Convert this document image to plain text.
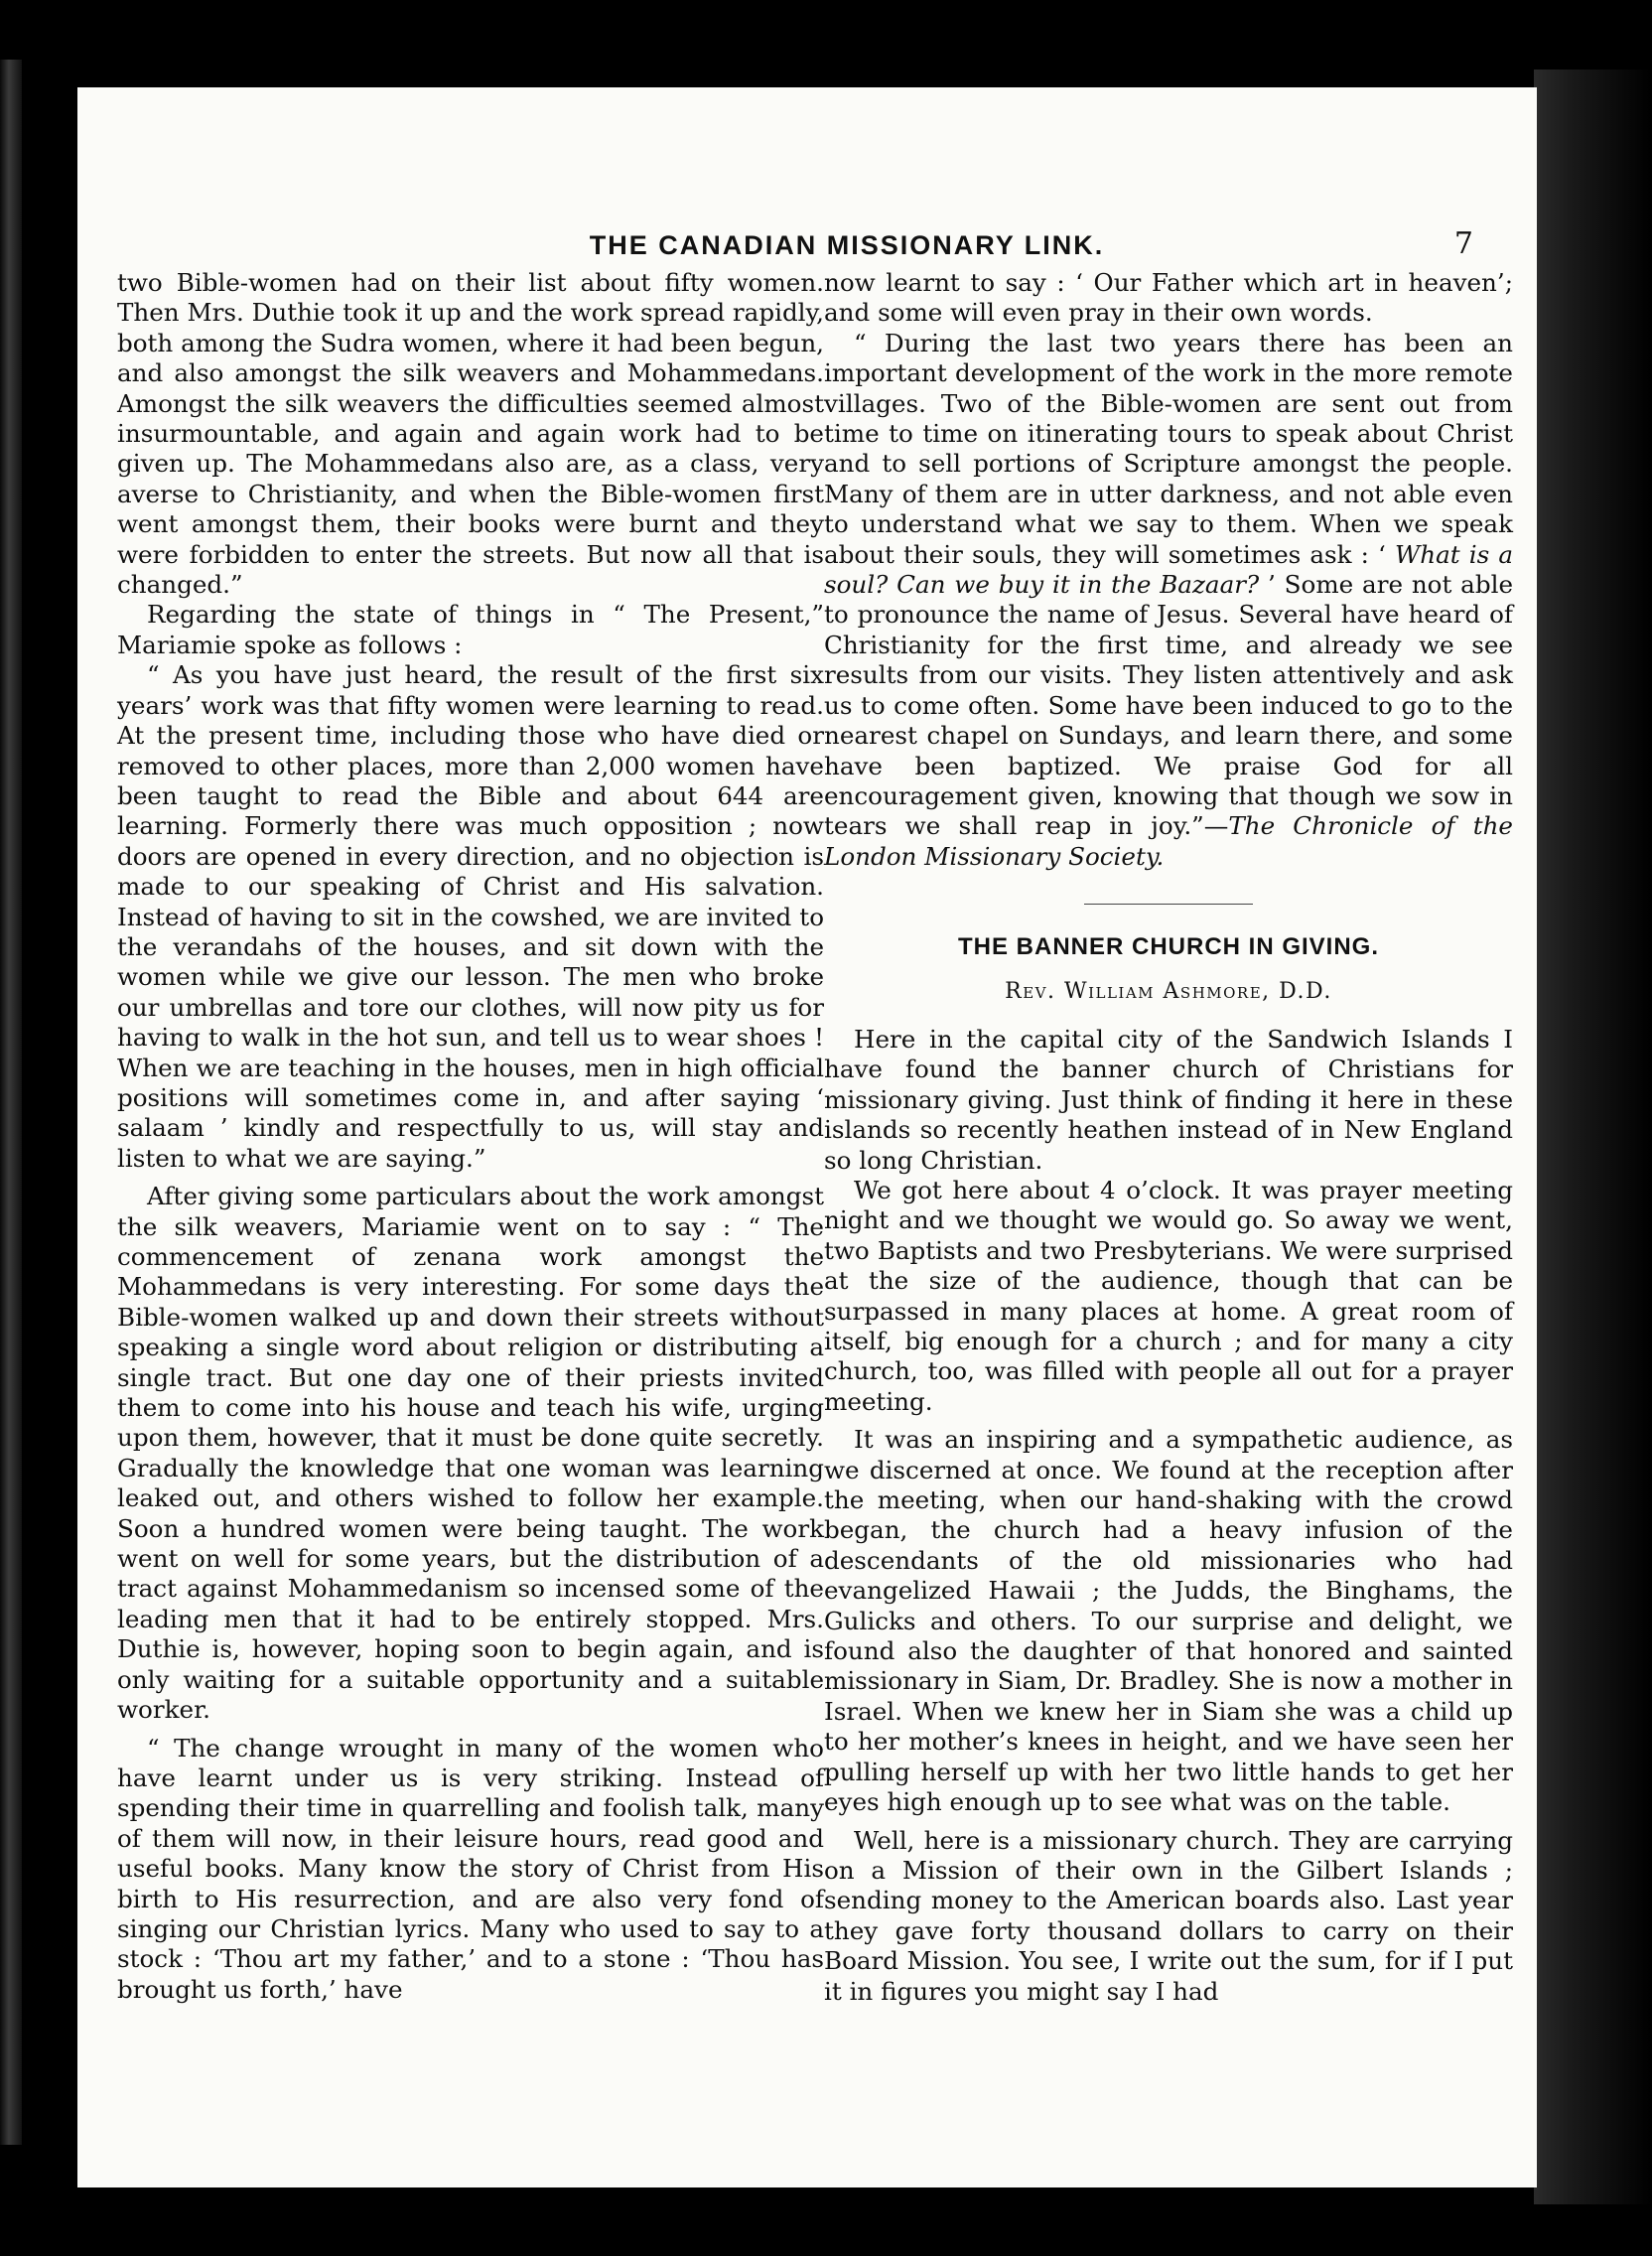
THE CANADIAN MISSIONARY LINK.	7

two Bible-women had on their list about fifty women. Then Mrs. Duthie took it up and the work spread rapidly, both among the Sudra women, where it had been begun, and also amongst the silk weavers and Mohammedans. Amongst the silk weavers the difficulties seemed almost insurmountable, and again and again work had to be given up. The Mohammedans also are, as a class, very averse to Christianity, and when the Bible-women first went amongst them, their books were burnt and they were forbidden to enter the streets. But now all that is changed.”

Regarding the state of things in “ The Present,” Mariamie spoke as follows :

“ As you have just heard, the result of the first six years’ work was that fifty women were learning to read. At the present time, including those who have died or removed to other places, more than 2,000 women have been taught to read the Bible and about 644 are learning. Formerly there was much opposition ; now doors are opened in every direction, and no objection is made to our speaking of Christ and His salvation. Instead of having to sit in the cowshed, we are invited to the verandahs of the houses, and sit down with the women while we give our lesson. The men who broke our umbrellas and tore our clothes, will now pity us for having to walk in the hot sun, and tell us to wear shoes ! When we are teaching in the houses, men in high official positions will sometimes come in, and after saying ‘ salaam ’ kindly and respectfully to us, will stay and listen to what we are saying.”

After giving some particulars about the work amongst the silk weavers, Mariamie went on to say : “ The commencement of zenana work amongst the Mohammedans is very interesting. For some days the Bible-women walked up and down their streets without speaking a single word about religion or distributing a single tract. But one day one of their priests invited them to come into his house and teach his wife, urging upon them, however, that it must be done quite secretly. Gradually the knowledge that one woman was learning leaked out, and others wished to follow her example. Soon a hundred women were being taught. The work went on well for some years, but the distribution of a tract against Mohammedanism so incensed some of the leading men that it had to be entirely stopped. Mrs. Duthie is, however, hoping soon to begin again, and is only waiting for a suitable opportunity and a suitable worker.

“ The change wrought in many of the women who have learnt under us is very striking. Instead of spending their time in quarrelling and foolish talk, many of them will now, in their leisure hours, read good and useful books. Many know the story of Christ from His birth to His resurrection, and are also very fond of singing our Christian lyrics. Many who used to say to a stock : ‘Thou art my father,’ and to a stone : ‘Thou has brought us forth,’ have

now learnt to say : ‘ Our Father which art in heaven’; and some will even pray in their own words.

“ During the last two years there has been an important development of the work in the more remote villages. Two of the Bible-women are sent out from time to time on itinerating tours to speak about Christ and to sell portions of Scripture amongst the people. Many of them are in utter darkness, and not able even to understand what we say to them. When we speak about their souls, they will sometimes ask : ‘ What is a soul? Can we buy it in the Bazaar? ’ Some are not able to pronounce the name of Jesus. Several have heard of Christianity for the first time, and already we see results from our visits. They listen attentively and ask us to come often. Some have been induced to go to the nearest chapel on Sundays, and learn there, and some have been baptized. We praise God for all encouragement given, knowing that though we sow in tears we shall reap in joy.”—The Chronicle of the London Missionary Society.

THE BANNER CHURCH IN GIVING.
Rev. William Ashmore, D.D.

Here in the capital city of the Sandwich Islands I have found the banner church of Christians for missionary giving. Just think of finding it here in these islands so recently heathen instead of in New England so long Christian.

We got here about 4 o’clock. It was prayer meeting night and we thought we would go. So away we went, two Baptists and two Presbyterians. We were surprised at the size of the audience, though that can be surpassed in many places at home. A great room of itself, big enough for a church ; and for many a city church, too, was filled with people all out for a prayer meeting.

It was an inspiring and a sympathetic audience, as we discerned at once. We found at the reception after the meeting, when our hand-shaking with the crowd began, the church had a heavy infusion of the descendants of the old missionaries who had evangelized Hawaii ; the Judds, the Binghams, the Gulicks and others. To our surprise and delight, we found also the daughter of that honored and sainted missionary in Siam, Dr. Bradley. She is now a mother in Israel. When we knew her in Siam she was a child up to her mother’s knees in height, and we have seen her pulling herself up with her two little hands to get her eyes high enough up to see what was on the table.

Well, here is a missionary church. They are carrying on a Mission of their own in the Gilbert Islands ; sending money to the American boards also. Last year they gave forty thousand dollars to carry on their Board Mission. You see, I write out the sum, for if I put it in figures you might say I had
